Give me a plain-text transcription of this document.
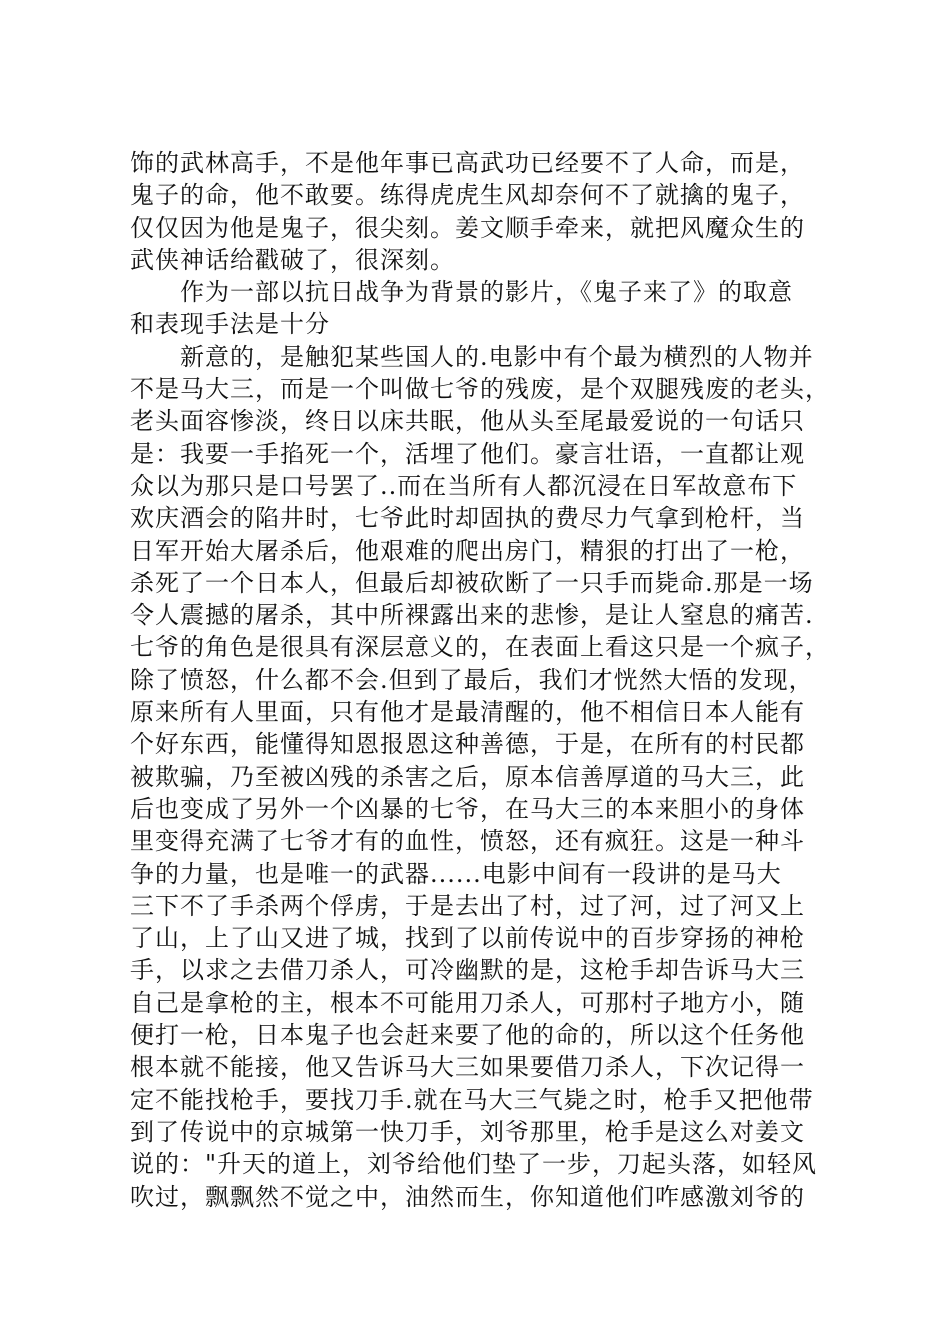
饰的武林高手，不是他年事已高武功已经要不了人命，而是，
鬼子的命，他不敢要。练得虎虎生风却奈何不了就擒的鬼子，
仅仅因为他是鬼子，很尖刻。姜文顺手牵来，就把风魔众生的
武侠神话给戳破了，很深刻。
　　作为一部以抗日战争为背景的影片，《鬼子来了》的取意
和表现手法是十分
　　新意的，是触犯某些国人的.电影中有个最为横烈的人物并
不是马大三，而是一个叫做七爷的残废，是个双腿残废的老头，
老头面容惨淡，终日以床共眠，他从头至尾最爱说的一句话只
是：我要一手掐死一个，活埋了他们。豪言壮语，一直都让观
众以为那只是口号罢了..而在当所有人都沉浸在日军故意布下
欢庆酒会的陷井时，七爷此时却固执的费尽力气拿到枪杆，当
日军开始大屠杀后，他艰难的爬出房门，精狠的打出了一枪，
杀死了一个日本人，但最后却被砍断了一只手而毙命.那是一场
令人震撼的屠杀，其中所裸露出来的悲惨，是让人窒息的痛苦.
七爷的角色是很具有深层意义的，在表面上看这只是一个疯子，
除了愤怒，什么都不会.但到了最后，我们才恍然大悟的发现，
原来所有人里面，只有他才是最清醒的，他不相信日本人能有
个好东西，能懂得知恩报恩这种善德，于是，在所有的村民都
被欺骗，乃至被凶残的杀害之后，原本信善厚道的马大三，此
后也变成了另外一个凶暴的七爷，在马大三的本来胆小的身体
里变得充满了七爷才有的血性，愤怒，还有疯狂。这是一种斗
争的力量，也是唯一的武器......电影中间有一段讲的是马大
三下不了手杀两个俘虏，于是去出了村，过了河，过了河又上
了山，上了山又进了城，找到了以前传说中的百步穿扬的神枪
手，以求之去借刀杀人，可冷幽默的是，这枪手却告诉马大三
自己是拿枪的主，根本不可能用刀杀人，可那村子地方小，随
便打一枪，日本鬼子也会赶来要了他的命的，所以这个任务他
根本就不能接，他又告诉马大三如果要借刀杀人，下次记得一
定不能找枪手，要找刀手.就在马大三气毙之时，枪手又把他带
到了传说中的京城第一快刀手，刘爷那里，枪手是这么对姜文
说的："升天的道上，刘爷给他们垫了一步，刀起头落，如轻风
吹过，飘飘然不觉之中，油然而生，你知道他们咋感激刘爷的
